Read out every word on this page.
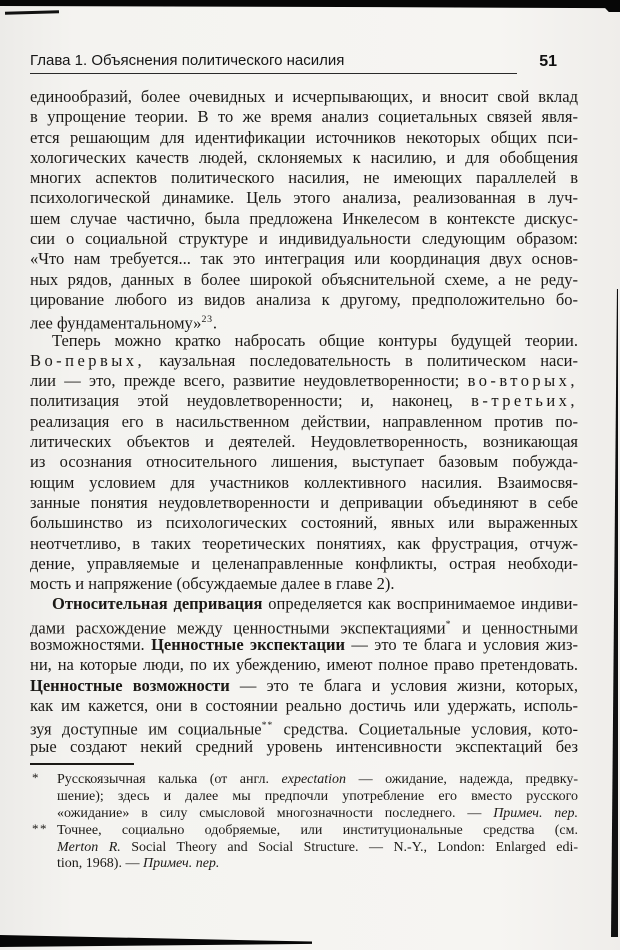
Глава 1. Объяснения политического насилия	51
единообразий, более очевидных и исчерпывающих, и вносит свой вклад
в упрощение теории. В то же время анализ социетальных связей явля-
ется решающим для идентификации источников некоторых общих пси-
хологических качеств людей, склоняемых к насилию, и для обобщения
многих аспектов политического насилия, не имеющих параллелей в
психологической динамике. Цель этого анализа, реализованная в луч-
шем случае частично, была предложена Инкелесом в контексте дискус-
сии о социальной структуре и индивидуальности следующим образом:
«Что нам требуется... так это интеграция или координация двух основ-
ных рядов, данных в более широкой объяснительной схеме, а не реду-
цирование любого из видов анализа к другому, предположительно бо-
лее фундаментальному»$^{23}$.
Теперь можно кратко набросать общие контуры будущей теории.
Во-первых, каузальная последовательность в политическом наси-
лии — это, прежде всего, развитие неудовлетворенности; во-вторых,
политизация этой неудовлетворенности; и, наконец, в-третьих,
реализация его в насильственном действии, направленном против по-
литических объектов и деятелей. Неудовлетворенность, возникающая
из осознания относительного лишения, выступает базовым побужда-
ющим условием для участников коллективного насилия. Взаимосвя-
занные понятия неудовлетворенности и депривации объединяют в себе
большинство из психологических состояний, явных или выраженных
неотчетливо, в таких теоретических понятиях, как фрустрация, отчуж-
дение, управляемые и целенаправленные конфликты, острая необходи-
мость и напряжение (обсуждаемые далее в главе 2).
Относительная депривация определяется как воспринимаемое индиви-
дами расхождение между ценностными экспектациями* и ценностными
возможностями. Ценностные экспектации — это те блага и условия жиз-
ни, на которые люди, по их убеждению, имеют полное право претендовать.
Ценностные возможности — это те блага и условия жизни, которых,
как им кажется, они в состоянии реально достичь или удержать, исполь-
зуя доступные им социальные** средства. Социетальные условия, кото-
рые создают некий средний уровень интенсивности экспектаций без
* Русскоязычная калька (от англ. expectation — ожидание, надежда, предвку-
шение); здесь и далее мы предпочли употребление его вместо русского
«ожидание» в силу смысловой многозначности последнего. — Примеч. пер.
** Точнее, социально одобряемые, или институциональные средства (см.
Merton R. Social Theory and Social Structure. — N.-Y., London: Enlarged edi-
tion, 1968). — Примеч. пер.
